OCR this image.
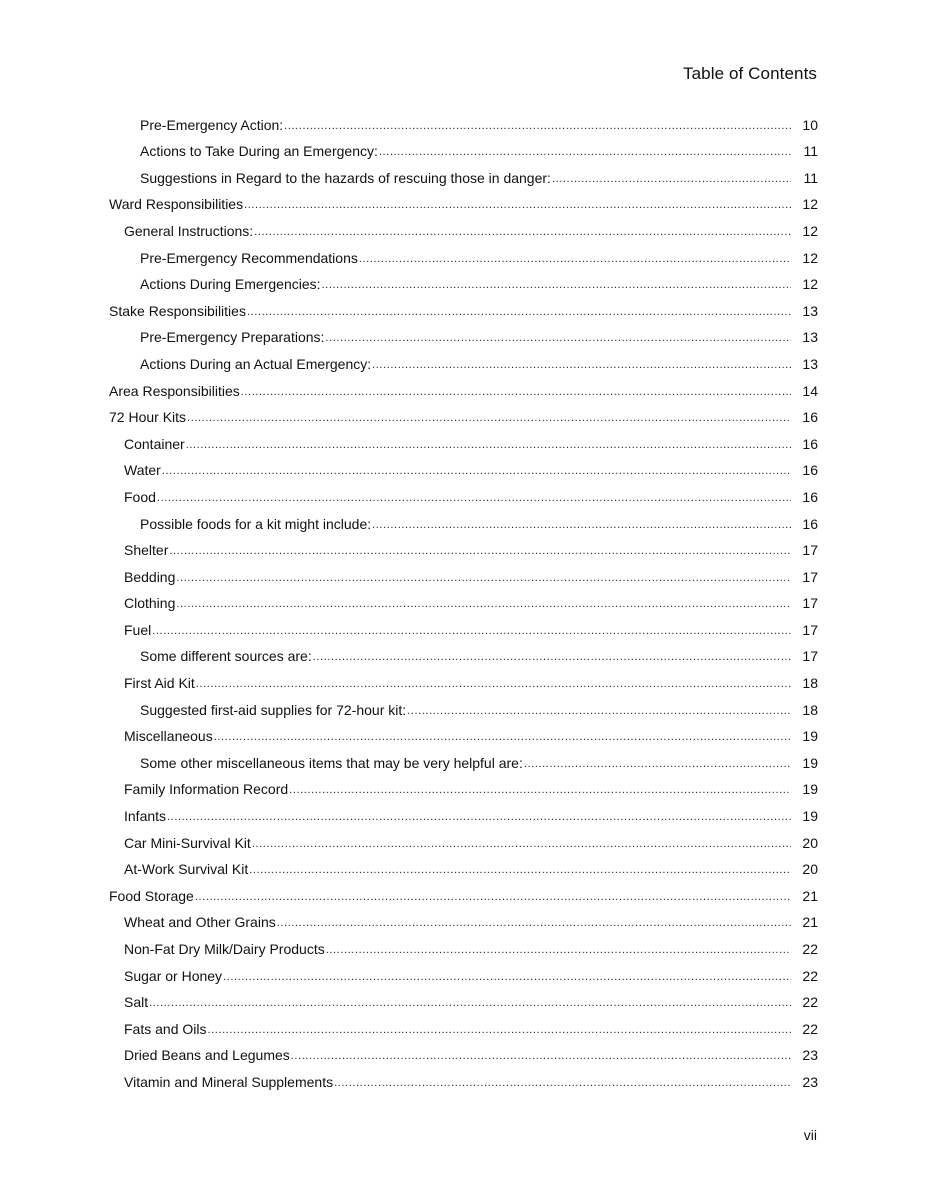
Table of Contents
Pre-Emergency Action: .....	10
Actions to Take During an Emergency: .....	11
Suggestions in Regard to the hazards of rescuing those in danger: .....	11
Ward Responsibilities .....	12
General Instructions: .....	12
Pre-Emergency Recommendations .....	12
Actions During Emergencies: .....	12
Stake Responsibilities .....	13
Pre-Emergency Preparations: .....	13
Actions During an Actual Emergency: .....	13
Area Responsibilities .....	14
72 Hour Kits .....	16
Container .....	16
Water .....	16
Food .....	16
Possible foods for a kit might include: .....	16
Shelter .....	17
Bedding .....	17
Clothing .....	17
Fuel .....	17
Some different sources are: .....	17
First Aid Kit .....	18
Suggested first-aid supplies for 72-hour kit: .....	18
Miscellaneous .....	19
Some other miscellaneous items that may be very helpful are: .....	19
Family Information Record .....	19
Infants .....	19
Car Mini-Survival Kit .....	20
At-Work Survival Kit .....	20
Food Storage .....	21
Wheat and Other Grains .....	21
Non-Fat Dry Milk/Dairy Products .....	22
Sugar or Honey .....	22
Salt .....	22
Fats and Oils .....	22
Dried Beans and Legumes .....	23
Vitamin and Mineral Supplements .....	23
vii
